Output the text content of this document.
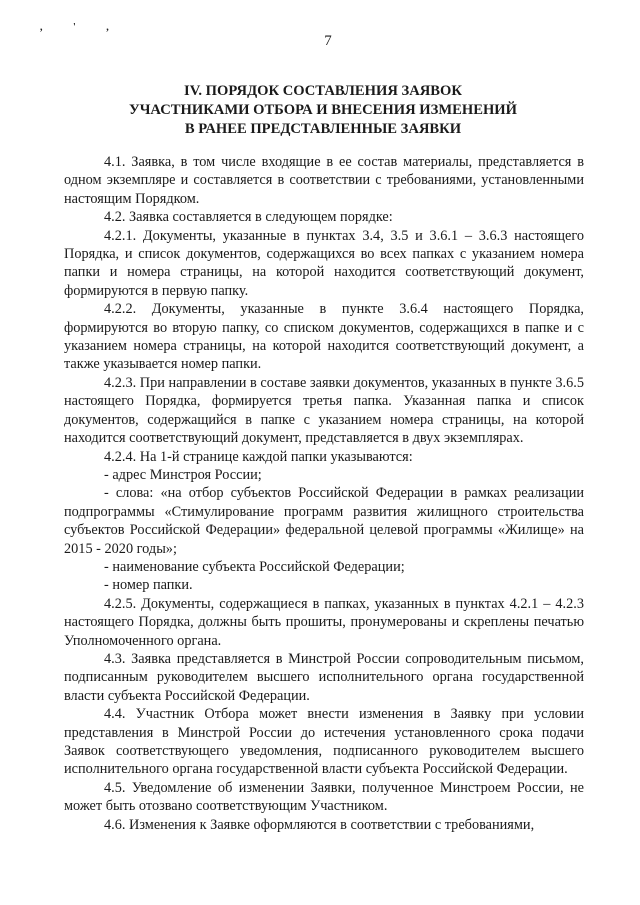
, ' ,
7
IV. ПОРЯДОК СОСТАВЛЕНИЯ ЗАЯВОК
УЧАСТНИКАМИ ОТБОРА И ВНЕСЕНИЯ ИЗМЕНЕНИЙ
В РАНЕЕ ПРЕДСТАВЛЕННЫЕ ЗАЯВКИ

4.1. Заявка, в том числе входящие в ее состав материалы, представляется в одном экземпляре и составляется в соответствии с требованиями, установленными настоящим Порядком.

4.2. Заявка составляется в следующем порядке:

4.2.1. Документы, указанные в пунктах 3.4, 3.5 и 3.6.1 – 3.6.3 настоящего Порядка, и список документов, содержащихся во всех папках с указанием номера папки и номера страницы, на которой находится соответствующий документ, формируются в первую папку.

4.2.2. Документы, указанные в пункте 3.6.4 настоящего Порядка, формируются во вторую папку, со списком документов, содержащихся в папке и с указанием номера страницы, на которой находится соответствующий документ, а также указывается номер папки.

4.2.3. При направлении в составе заявки документов, указанных в пункте 3.6.5 настоящего Порядка, формируется третья папка. Указанная папка и список документов, содержащийся в папке с указанием номера страницы, на которой находится соответствующий документ, представляется в двух экземплярах.

4.2.4. На 1-й странице каждой папки указываются:

- адрес Минстроя России;

- слова: «на отбор субъектов Российской Федерации в рамках реализации подпрограммы «Стимулирование программ развития жилищного строительства субъектов Российской Федерации» федеральной целевой программы «Жилище» на 2015 - 2020 годы»;

- наименование субъекта Российской Федерации;

- номер папки.

4.2.5. Документы, содержащиеся в папках, указанных в пунктах 4.2.1 – 4.2.3 настоящего Порядка, должны быть прошиты, пронумерованы и скреплены печатью Уполномоченного органа.

4.3. Заявка представляется в Минстрой России сопроводительным письмом, подписанным руководителем высшего исполнительного органа государственной власти субъекта Российской Федерации.

4.4. Участник Отбора может внести изменения в Заявку при условии представления в Минстрой России до истечения установленного срока подачи Заявок соответствующего уведомления, подписанного руководителем высшего исполнительного органа государственной власти субъекта Российской Федерации.

4.5. Уведомление об изменении Заявки, полученное Минстроем России, не может быть отозвано соответствующим Участником.

4.6. Изменения к Заявке оформляются в соответствии с требованиями,
